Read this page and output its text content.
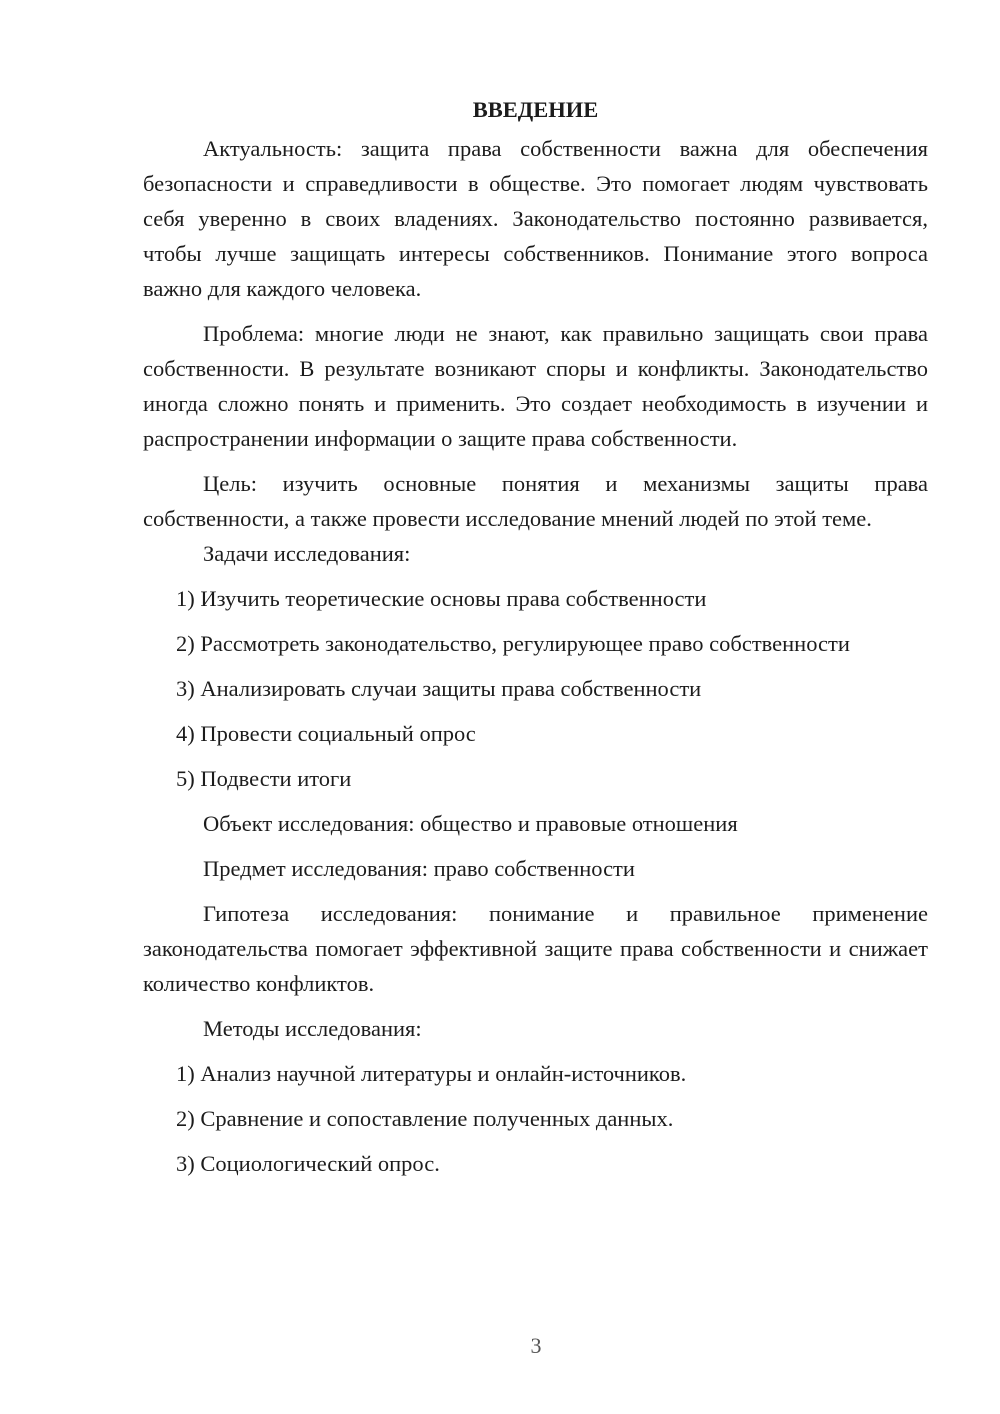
ВВЕДЕНИЕ

Актуальность: защита права собственности важна для обеспечения безопасности и справедливости в обществе. Это помогает людям чувствовать себя уверенно в своих владениях. Законодательство постоянно развивается, чтобы лучше защищать интересы собственников. Понимание этого вопроса важно для каждого человека.

Проблема: многие люди не знают, как правильно защищать свои права собственности. В результате возникают споры и конфликты. Законодательство иногда сложно понять и применить. Это создает необходимость в изучении и распространении информации о защите права собственности.

Цель: изучить основные понятия и механизмы защиты права собственности, а также провести исследование мнений людей по этой теме.

Задачи исследования:

1) Изучить теоретические основы права собственности

2) Рассмотреть законодательство, регулирующее право собственности

3) Анализировать случаи защиты права собственности

4) Провести социальный опрос

5) Подвести итоги

Объект исследования: общество и правовые отношения

Предмет исследования: право собственности

Гипотеза исследования: понимание и правильное применение законодательства помогает эффективной защите права собственности и снижает количество конфликтов.

Методы исследования:

1) Анализ научной литературы и онлайн-источников.

2) Сравнение и сопоставление полученных данных.

3) Социологический опрос.

3
